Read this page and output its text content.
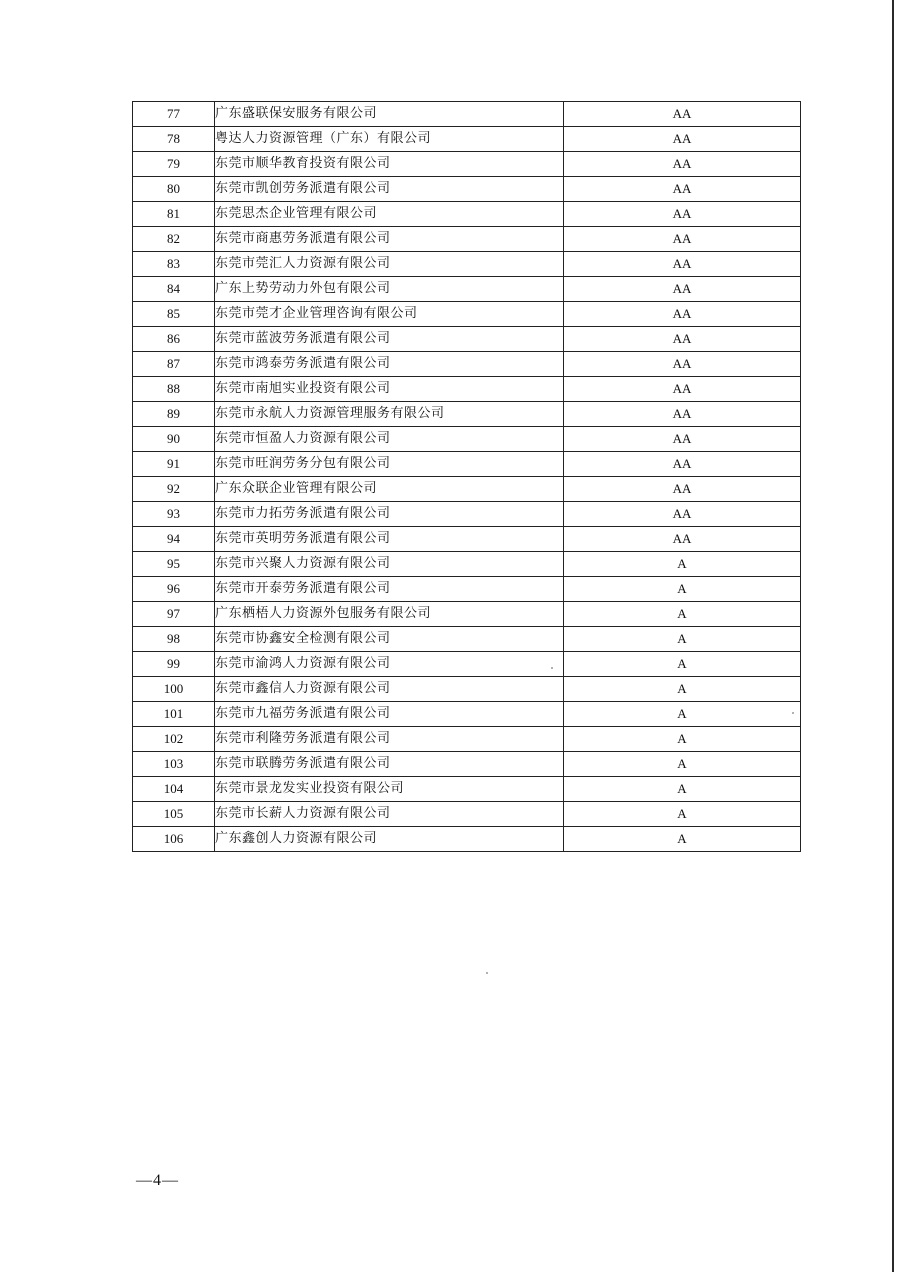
77	广东盛联保安服务有限公司	AA
78	粤达人力资源管理（广东）有限公司	AA
79	东莞市顺华教育投资有限公司	AA
80	东莞市凯创劳务派遣有限公司	AA
81	东莞思杰企业管理有限公司	AA
82	东莞市商惠劳务派遣有限公司	AA
83	东莞市莞汇人力资源有限公司	AA
84	广东上势劳动力外包有限公司	AA
85	东莞市莞才企业管理咨询有限公司	AA
86	东莞市蓝波劳务派遣有限公司	AA
87	东莞市鸿泰劳务派遣有限公司	AA
88	东莞市南旭实业投资有限公司	AA
89	东莞市永航人力资源管理服务有限公司	AA
90	东莞市恒盈人力资源有限公司	AA
91	东莞市旺润劳务分包有限公司	AA
92	广东众联企业管理有限公司	AA
93	东莞市力拓劳务派遣有限公司	AA
94	东莞市英明劳务派遣有限公司	AA
95	东莞市兴聚人力资源有限公司	A
96	东莞市开泰劳务派遣有限公司	A
97	广东栖梧人力资源外包服务有限公司	A
98	东莞市协鑫安全检测有限公司	A
99	东莞市渝鸿人力资源有限公司	A
100	东莞市鑫信人力资源有限公司	A
101	东莞市九福劳务派遣有限公司	A
102	东莞市利隆劳务派遣有限公司	A
103	东莞市联腾劳务派遣有限公司	A
104	东莞市景龙发实业投资有限公司	A
105	东莞市长薪人力资源有限公司	A
106	广东鑫创人力资源有限公司	A
—4—
